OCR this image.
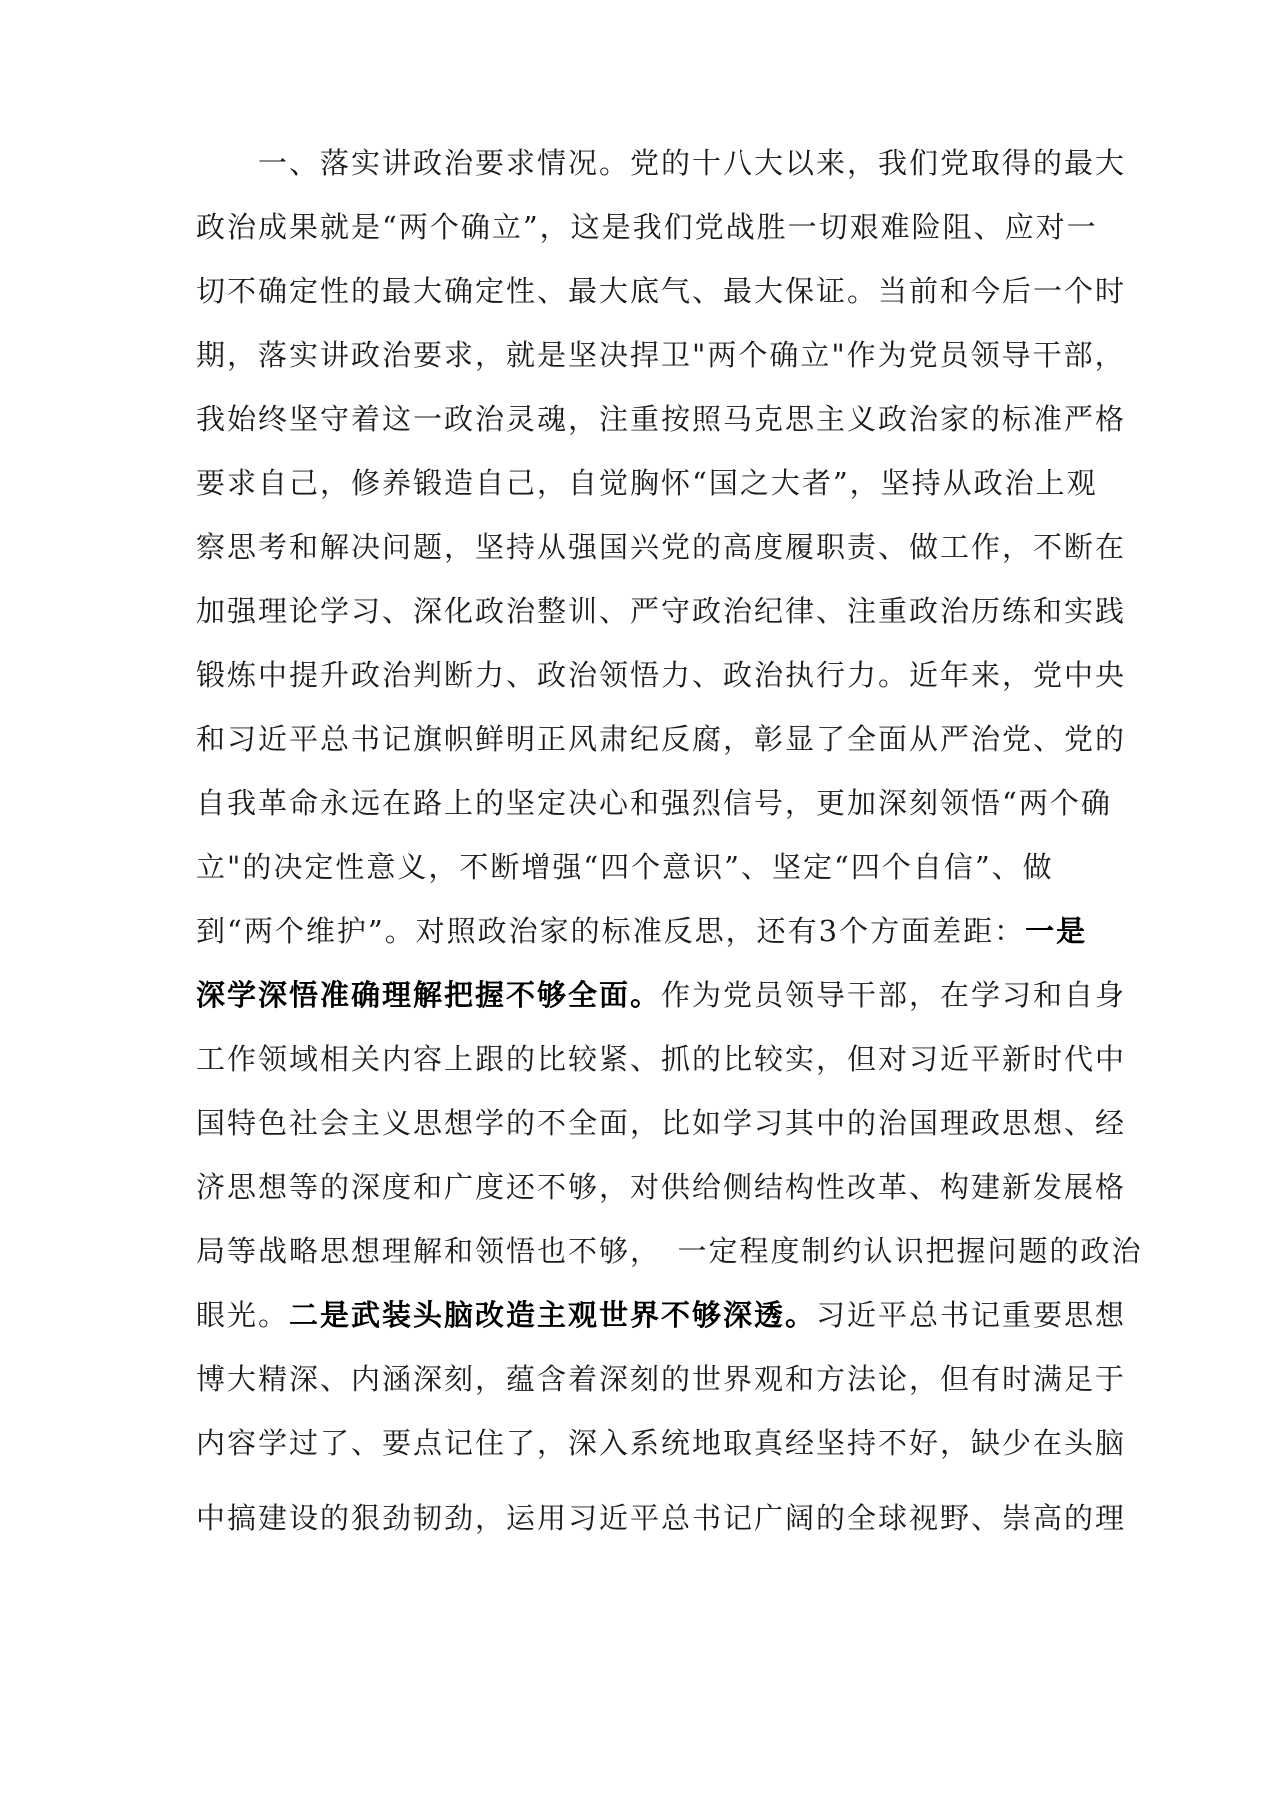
　　一、落实讲政治要求情况。党的十八大以来，我们党取得的最大
政治成果就是“两个确立”，这是我们党战胜一切艰难险阻、应对一
切不确定性的最大确定性、最大底气、最大保证。当前和今后一个时
期，落实讲政治要求，就是坚决捍卫"两个确立"作为党员领导干部，
我始终坚守着这一政治灵魂，注重按照马克思主义政治家的标准严格
要求自己，修养锻造自己，自觉胸怀“国之大者”，坚持从政治上观
察思考和解决问题，坚持从强国兴党的高度履职责、做工作，不断在
加强理论学习、深化政治整训、严守政治纪律、注重政治历练和实践
锻炼中提升政治判断力、政治领悟力、政治执行力。近年来，党中央
和习近平总书记旗帜鲜明正风肃纪反腐，彰显了全面从严治党、党的
自我革命永远在路上的坚定决心和强烈信号，更加深刻领悟“两个确
立"的决定性意义，不断增强“四个意识”、坚定“四个自信”、做
到“两个维护”。对照政治家的标准反思，还有3个方面差距：一是
深学深悟准确理解把握不够全面。作为党员领导干部，在学习和自身
工作领域相关内容上跟的比较紧、抓的比较实，但对习近平新时代中
国特色社会主义思想学的不全面，比如学习其中的治国理政思想、经
济思想等的深度和广度还不够，对供给侧结构性改革、构建新发展格
局等战略思想理解和领悟也不够，　一定程度制约认识把握问题的政治
眼光。二是武装头脑改造主观世界不够深透。习近平总书记重要思想
博大精深、内涵深刻，蕴含着深刻的世界观和方法论，但有时满足于
内容学过了、要点记住了，深入系统地取真经坚持不好，缺少在头脑
中搞建设的狠劲韧劲，运用习近平总书记广阔的全球视野、崇高的理
